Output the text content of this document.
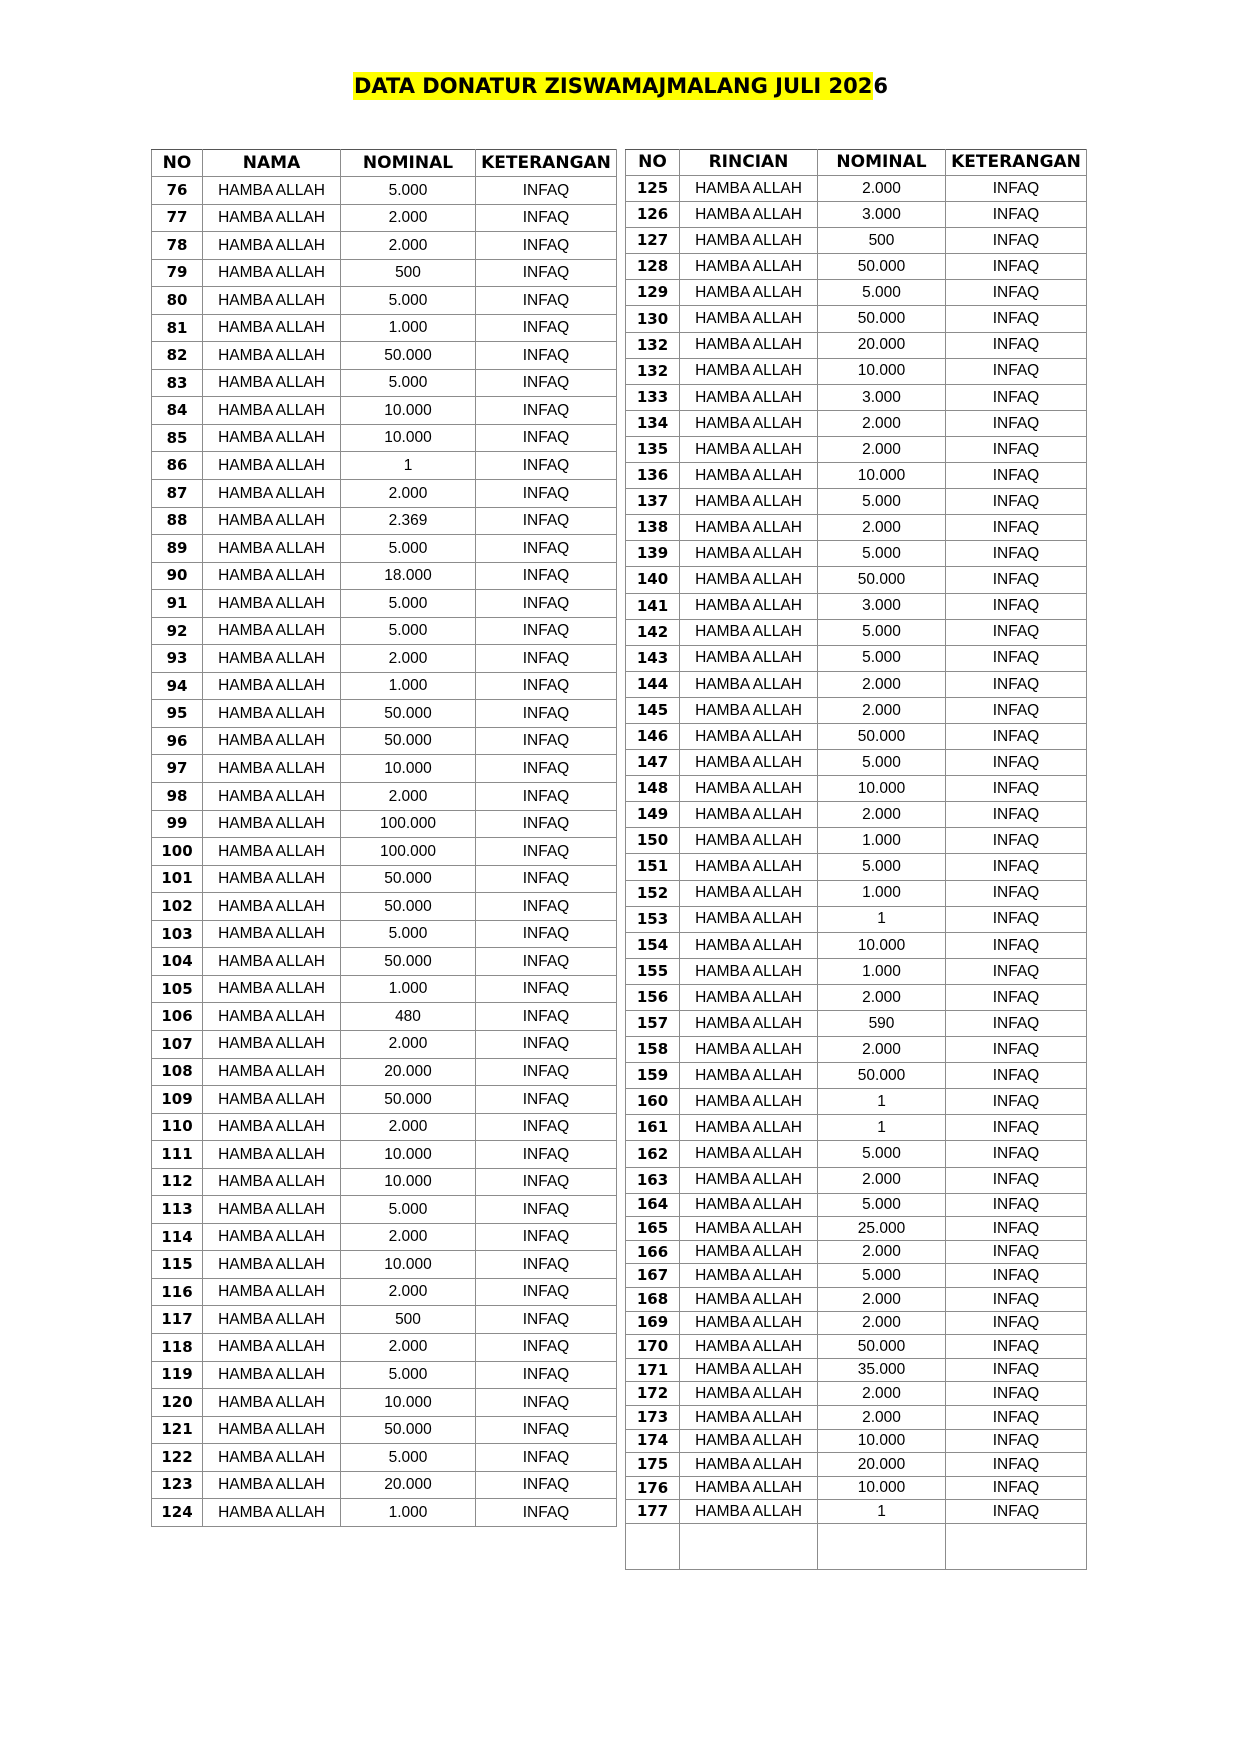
DATA DONATUR ZISWAMAJMALANG JULI 2026
NO	NAMA	NOMINAL	KETERANGAN
76	HAMBA ALLAH	5.000	INFAQ
77	HAMBA ALLAH	2.000	INFAQ
78	HAMBA ALLAH	2.000	INFAQ
79	HAMBA ALLAH	500	INFAQ
80	HAMBA ALLAH	5.000	INFAQ
81	HAMBA ALLAH	1.000	INFAQ
82	HAMBA ALLAH	50.000	INFAQ
83	HAMBA ALLAH	5.000	INFAQ
84	HAMBA ALLAH	10.000	INFAQ
85	HAMBA ALLAH	10.000	INFAQ
86	HAMBA ALLAH	1	INFAQ
87	HAMBA ALLAH	2.000	INFAQ
88	HAMBA ALLAH	2.369	INFAQ
89	HAMBA ALLAH	5.000	INFAQ
90	HAMBA ALLAH	18.000	INFAQ
91	HAMBA ALLAH	5.000	INFAQ
92	HAMBA ALLAH	5.000	INFAQ
93	HAMBA ALLAH	2.000	INFAQ
94	HAMBA ALLAH	1.000	INFAQ
95	HAMBA ALLAH	50.000	INFAQ
96	HAMBA ALLAH	50.000	INFAQ
97	HAMBA ALLAH	10.000	INFAQ
98	HAMBA ALLAH	2.000	INFAQ
99	HAMBA ALLAH	100.000	INFAQ
100	HAMBA ALLAH	100.000	INFAQ
101	HAMBA ALLAH	50.000	INFAQ
102	HAMBA ALLAH	50.000	INFAQ
103	HAMBA ALLAH	5.000	INFAQ
104	HAMBA ALLAH	50.000	INFAQ
105	HAMBA ALLAH	1.000	INFAQ
106	HAMBA ALLAH	480	INFAQ
107	HAMBA ALLAH	2.000	INFAQ
108	HAMBA ALLAH	20.000	INFAQ
109	HAMBA ALLAH	50.000	INFAQ
110	HAMBA ALLAH	2.000	INFAQ
111	HAMBA ALLAH	10.000	INFAQ
112	HAMBA ALLAH	10.000	INFAQ
113	HAMBA ALLAH	5.000	INFAQ
114	HAMBA ALLAH	2.000	INFAQ
115	HAMBA ALLAH	10.000	INFAQ
116	HAMBA ALLAH	2.000	INFAQ
117	HAMBA ALLAH	500	INFAQ
118	HAMBA ALLAH	2.000	INFAQ
119	HAMBA ALLAH	5.000	INFAQ
120	HAMBA ALLAH	10.000	INFAQ
121	HAMBA ALLAH	50.000	INFAQ
122	HAMBA ALLAH	5.000	INFAQ
123	HAMBA ALLAH	20.000	INFAQ
124	HAMBA ALLAH	1.000	INFAQ
NO	RINCIAN	NOMINAL	KETERANGAN
125	HAMBA ALLAH	2.000	INFAQ
126	HAMBA ALLAH	3.000	INFAQ
127	HAMBA ALLAH	500	INFAQ
128	HAMBA ALLAH	50.000	INFAQ
129	HAMBA ALLAH	5.000	INFAQ
130	HAMBA ALLAH	50.000	INFAQ
132	HAMBA ALLAH	20.000	INFAQ
132	HAMBA ALLAH	10.000	INFAQ
133	HAMBA ALLAH	3.000	INFAQ
134	HAMBA ALLAH	2.000	INFAQ
135	HAMBA ALLAH	2.000	INFAQ
136	HAMBA ALLAH	10.000	INFAQ
137	HAMBA ALLAH	5.000	INFAQ
138	HAMBA ALLAH	2.000	INFAQ
139	HAMBA ALLAH	5.000	INFAQ
140	HAMBA ALLAH	50.000	INFAQ
141	HAMBA ALLAH	3.000	INFAQ
142	HAMBA ALLAH	5.000	INFAQ
143	HAMBA ALLAH	5.000	INFAQ
144	HAMBA ALLAH	2.000	INFAQ
145	HAMBA ALLAH	2.000	INFAQ
146	HAMBA ALLAH	50.000	INFAQ
147	HAMBA ALLAH	5.000	INFAQ
148	HAMBA ALLAH	10.000	INFAQ
149	HAMBA ALLAH	2.000	INFAQ
150	HAMBA ALLAH	1.000	INFAQ
151	HAMBA ALLAH	5.000	INFAQ
152	HAMBA ALLAH	1.000	INFAQ
153	HAMBA ALLAH	1	INFAQ
154	HAMBA ALLAH	10.000	INFAQ
155	HAMBA ALLAH	1.000	INFAQ
156	HAMBA ALLAH	2.000	INFAQ
157	HAMBA ALLAH	590	INFAQ
158	HAMBA ALLAH	2.000	INFAQ
159	HAMBA ALLAH	50.000	INFAQ
160	HAMBA ALLAH	1	INFAQ
161	HAMBA ALLAH	1	INFAQ
162	HAMBA ALLAH	5.000	INFAQ
163	HAMBA ALLAH	2.000	INFAQ
164	HAMBA ALLAH	5.000	INFAQ
165	HAMBA ALLAH	25.000	INFAQ
166	HAMBA ALLAH	2.000	INFAQ
167	HAMBA ALLAH	5.000	INFAQ
168	HAMBA ALLAH	2.000	INFAQ
169	HAMBA ALLAH	2.000	INFAQ
170	HAMBA ALLAH	50.000	INFAQ
171	HAMBA ALLAH	35.000	INFAQ
172	HAMBA ALLAH	2.000	INFAQ
173	HAMBA ALLAH	2.000	INFAQ
174	HAMBA ALLAH	10.000	INFAQ
175	HAMBA ALLAH	20.000	INFAQ
176	HAMBA ALLAH	10.000	INFAQ
177	HAMBA ALLAH	1	INFAQ
